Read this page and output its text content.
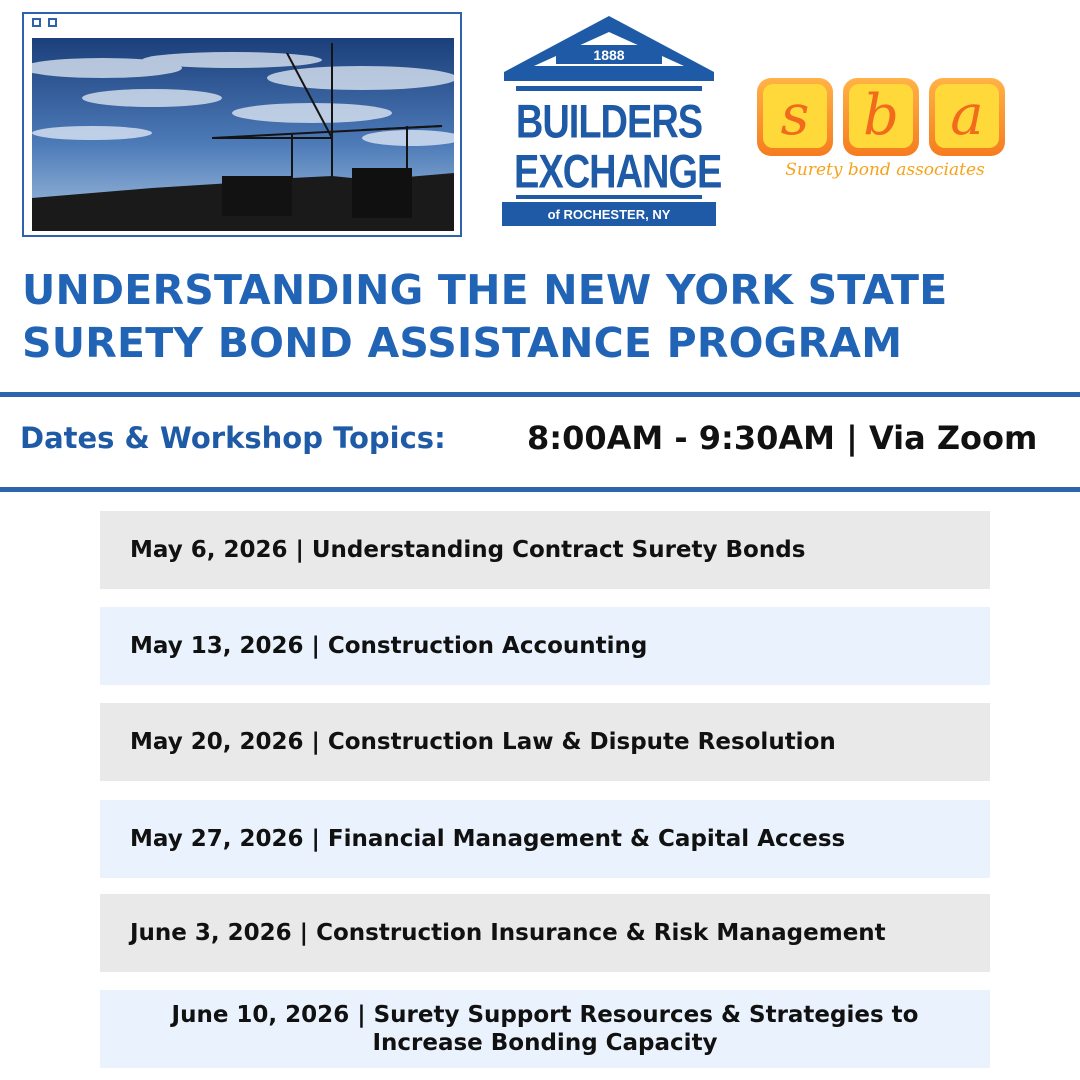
1888
BUILDERS
EXCHANGE
of ROCHESTER, NY
s b a
Surety bond associates
UNDERSTANDING THE NEW YORK STATE
SURETY BOND ASSISTANCE PROGRAM
Dates & Workshop Topics:	8:00AM - 9:30AM | Via Zoom
May 6, 2026 | Understanding Contract Surety Bonds
May 13, 2026 | Construction Accounting
May 20, 2026 | Construction Law & Dispute Resolution
May 27, 2026 | Financial Management & Capital Access
June 3, 2026 | Construction Insurance & Risk Management
June 10, 2026 | Surety Support Resources & Strategies to Increase Bonding Capacity
